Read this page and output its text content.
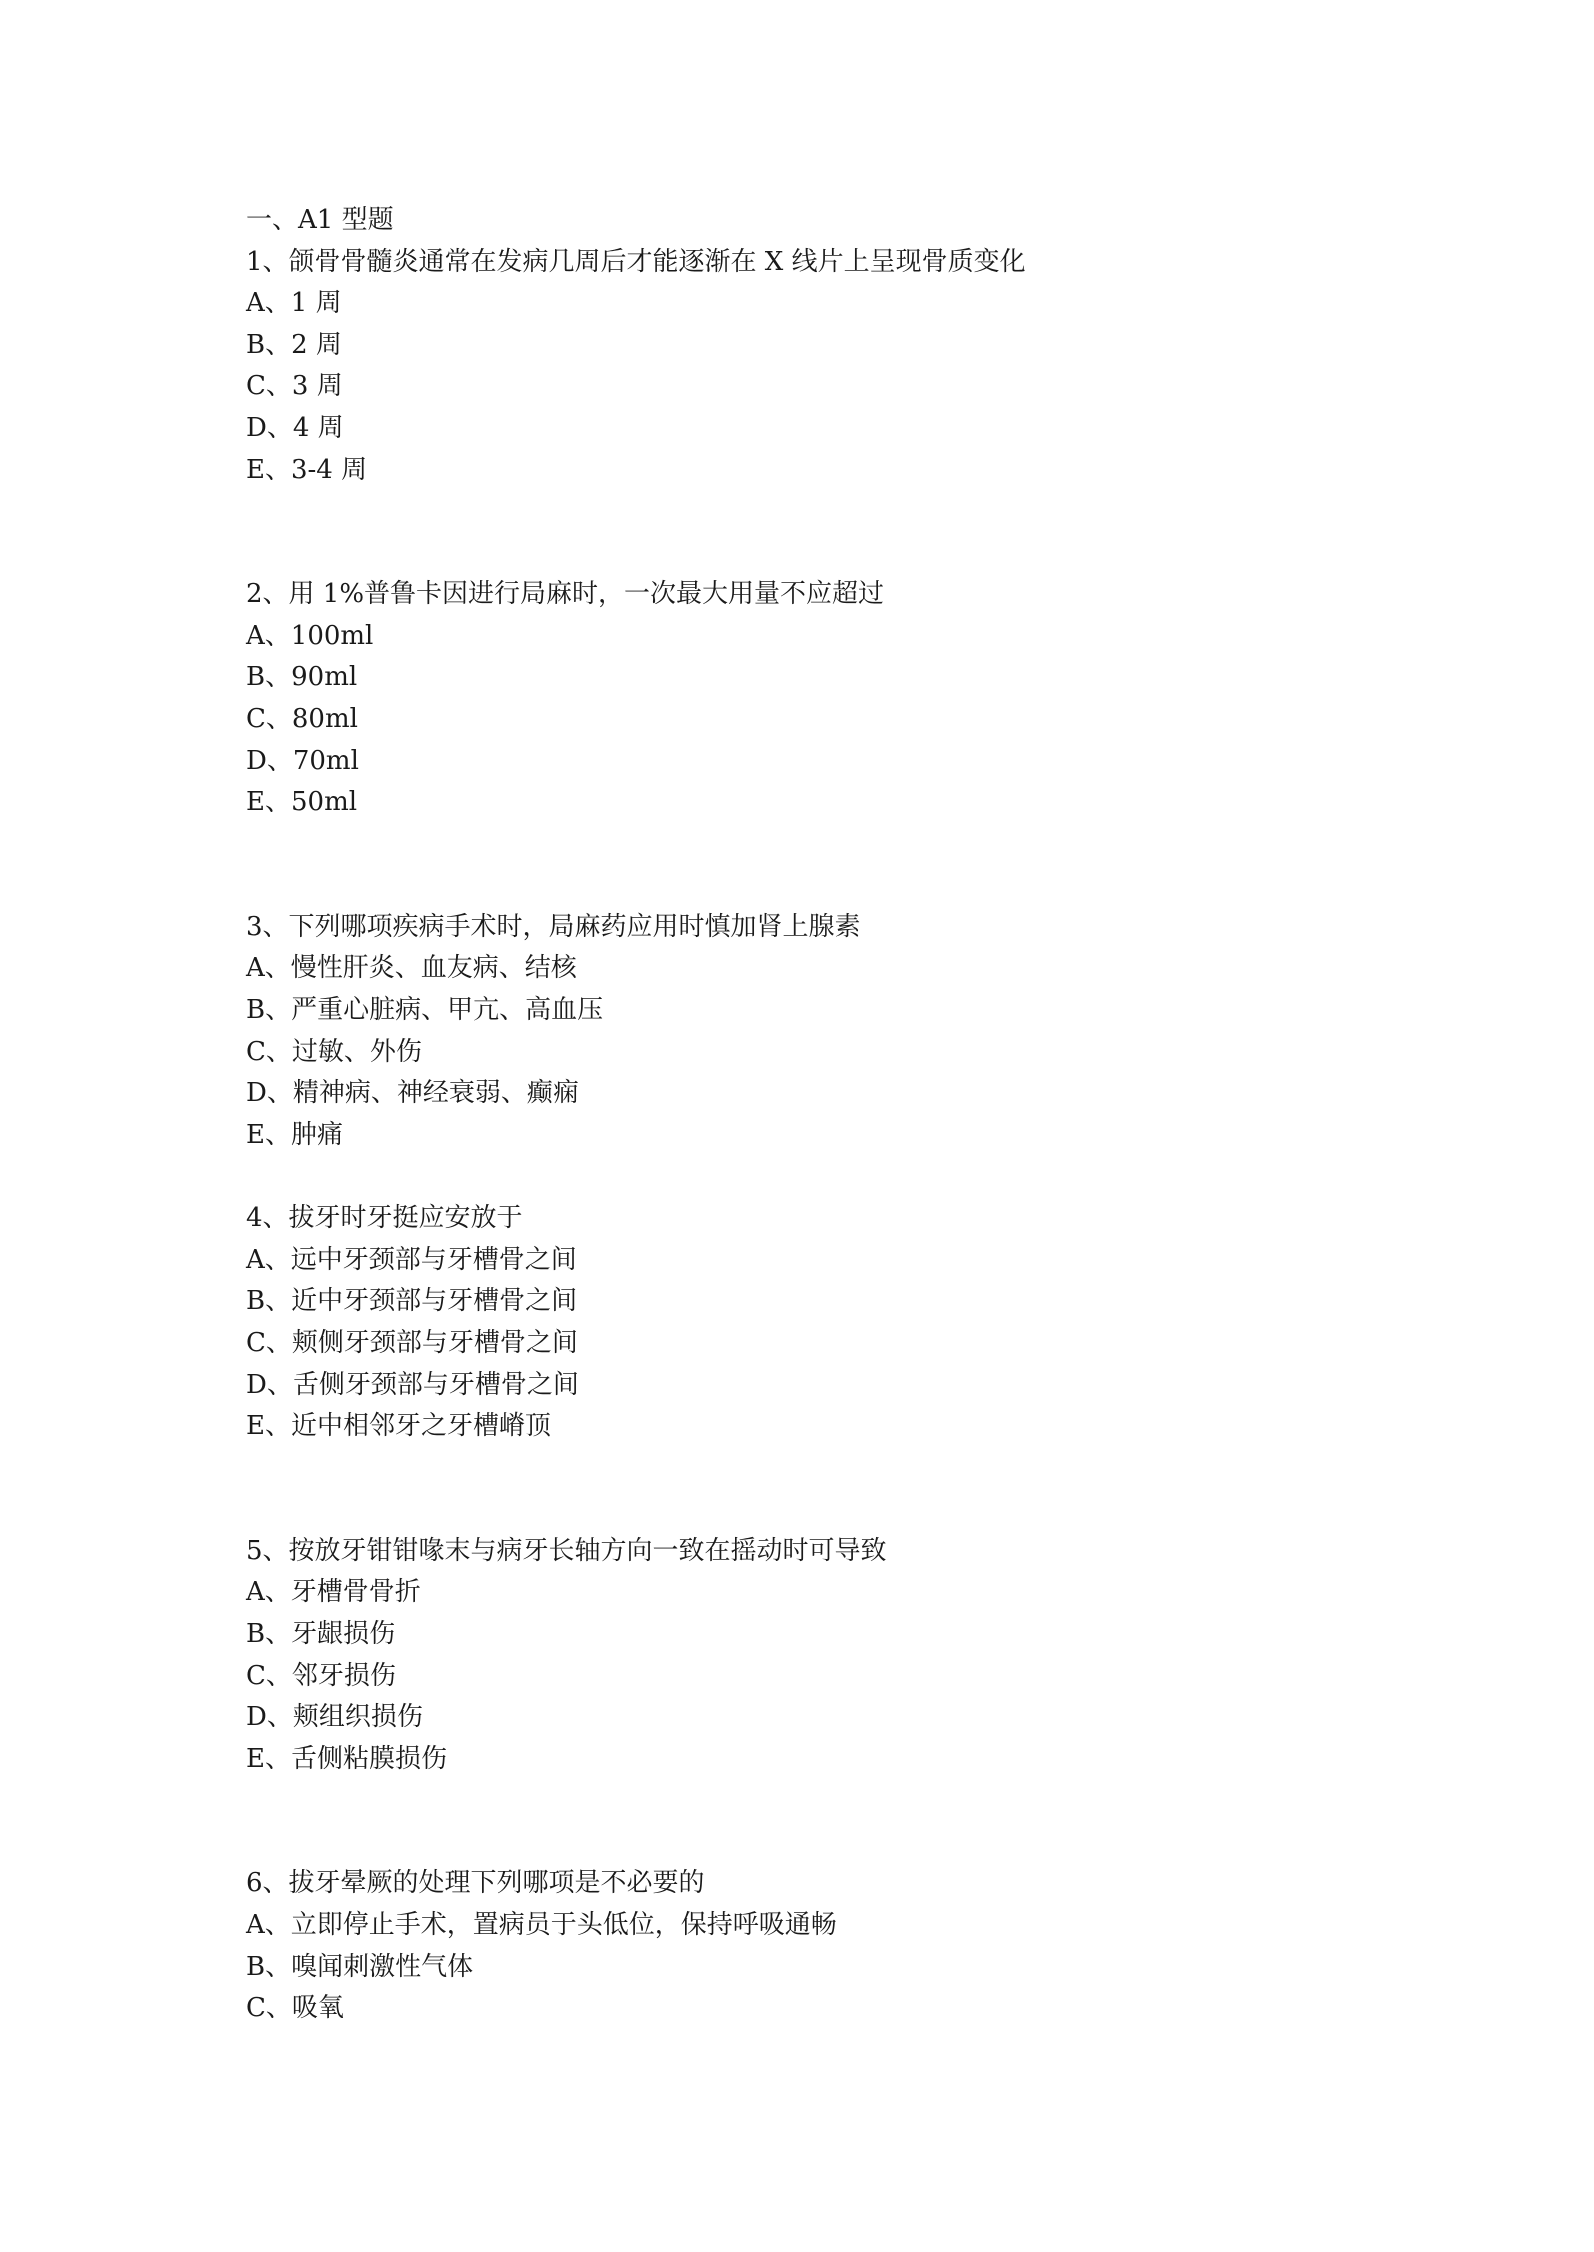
一、A1 型题
1、颌骨骨髓炎通常在发病几周后才能逐渐在 X 线片上呈现骨质变化
A、1 周
B、2 周
C、3 周
D、4 周
E、3-4 周
2、用 1%普鲁卡因进行局麻时，一次最大用量不应超过
A、100ml
B、90ml
C、80ml
D、70ml
E、50ml
3、下列哪项疾病手术时，局麻药应用时慎加肾上腺素
A、慢性肝炎、血友病、结核
B、严重心脏病、甲亢、高血压
C、过敏、外伤
D、精神病、神经衰弱、癫痫
E、肿痛
4、拔牙时牙挺应安放于
A、远中牙颈部与牙槽骨之间
B、近中牙颈部与牙槽骨之间
C、颊侧牙颈部与牙槽骨之间
D、舌侧牙颈部与牙槽骨之间
E、近中相邻牙之牙槽嵴顶
5、按放牙钳钳喙末与病牙长轴方向一致在摇动时可导致
A、牙槽骨骨折
B、牙龈损伤
C、邻牙损伤
D、颊组织损伤
E、舌侧粘膜损伤
6、拔牙晕厥的处理下列哪项是不必要的
A、立即停止手术，置病员于头低位，保持呼吸通畅
B、嗅闻刺激性气体
C、吸氧
